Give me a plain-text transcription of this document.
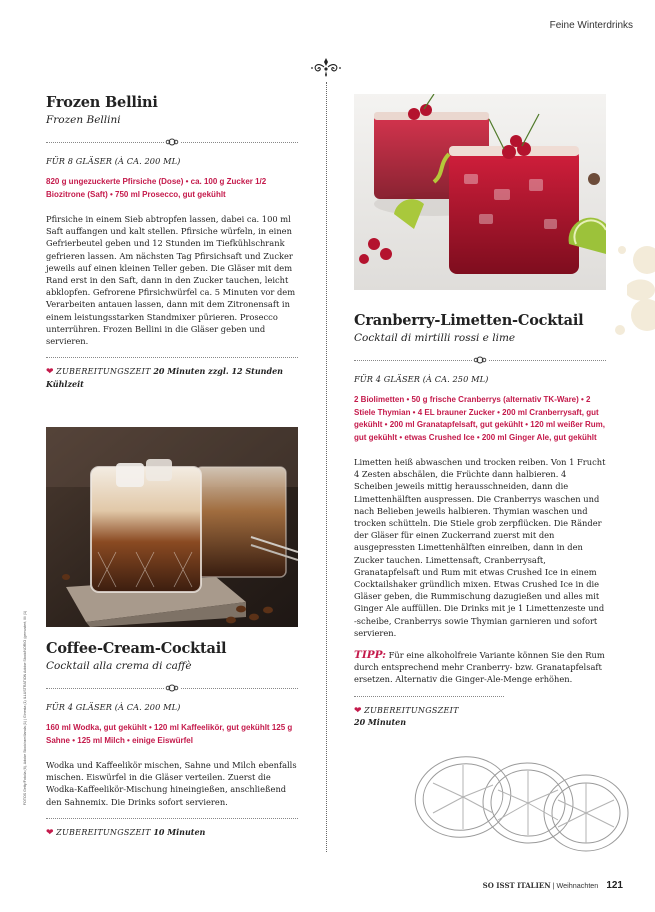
Feine Winterdrinks
FOTOS Getty/Fotolia (6), Adobe Stock/ramillanda (1) | Ginesta (1) ILLUSTRATION Adobe Stock/NORIO (gemustert, Illi (1)
Frozen Bellini
Frozen Bellini
FÜR 8 GLÄSER (À CA. 200 ML)
820 g ungezuckerte Pfirsiche (Dose) • ca. 100 g Zucker 1/2 Biozitrone (Saft) • 750 ml Prosecco, gut gekühlt
Pfirsiche in einem Sieb abtropfen lassen, dabei ca. 100 ml Saft auffangen und kalt stellen. Pfirsiche würfeln, in einen Gefrierbeutel geben und 12 Stunden im Tiefkühlschrank gefrieren lassen. Am nächsten Tag Pfirsichsaft und Zucker jeweils auf einen kleinen Teller geben. Die Gläser mit dem Rand erst in den Saft, dann in den Zucker tauchen, leicht abklopfen. Gefrorene Pfirsichwürfel ca. 5 Minuten vor dem Verarbeiten antauen lassen, dann mit dem Zitronensaft in einem leistungsstarken Standmixer pürieren. Prosecco unterrühren. Frozen Bellini in die Gläser geben und servieren.
❤ ZUBEREITUNGSZEIT 20 Minuten zzgl. 12 Stunden Kühlzeit
Coffee-Cream-Cocktail
Cocktail alla crema di caffè
FÜR 4 GLÄSER (À CA. 200 ML)
160 ml Wodka, gut gekühlt • 120 ml Kaffeelikör, gut gekühlt 125 g Sahne • 125 ml Milch • einige Eiswürfel
Wodka und Kaffeelikör mischen, Sahne und Milch ebenfalls mischen. Eiswürfel in die Gläser verteilen. Zuerst die Wodka-Kaffeelikör-Mischung hineingießen, anschließend den Sahnemix. Die Drinks sofort servieren.
❤ ZUBEREITUNGSZEIT 10 Minuten
Cranberry-Limetten-Cocktail
Cocktail di mirtilli rossi e lime
FÜR 4 GLÄSER (À CA. 250 ML)
2 Biolimetten • 50 g frische Cranberrys (alternativ TK-Ware) • 2 Stiele Thymian • 4 EL brauner Zucker • 200 ml Cranberrysaft, gut gekühlt • 200 ml Granatapfelsaft, gut gekühlt • 120 ml weißer Rum, gut gekühlt • etwas Crushed Ice • 200 ml Ginger Ale, gut gekühlt
Limetten heiß abwaschen und trocken reiben. Von 1 Frucht 4 Zesten abschälen, die Früchte dann halbieren. 4 Scheiben jeweils mittig herausschneiden, dann die Limettenhälften auspressen. Die Cranberrys waschen und nach Belieben jeweils halbieren. Thymian waschen und trocken schütteln. Die Stiele grob zerpflücken. Die Ränder der Gläser für einen Zuckerrand zuerst mit den ausgepressten Limettenhälften einreiben, dann in den Zucker tauchen. Limettensaft, Cranberrysaft, Granatapfelsaft und Rum mit etwas Crushed Ice in einem Cocktailshaker gründlich mixen. Etwas Crushed Ice in die Gläser geben, die Rummischung dazugießen und alles mit Ginger Ale auffüllen. Die Drinks mit je 1 Limettenzeste und -scheibe, Cranberrys sowie Thymian garnieren und sofort servieren.
TIPP: Für eine alkoholfreie Variante können Sie den Rum durch entsprechend mehr Cranberry- bzw. Granatapfelsaft ersetzen. Alternativ die Ginger-Ale-Menge erhöhen.
❤ ZUBEREITUNGSZEIT
20 Minuten
SO ISST ITALIEN | Weihnachten 121
